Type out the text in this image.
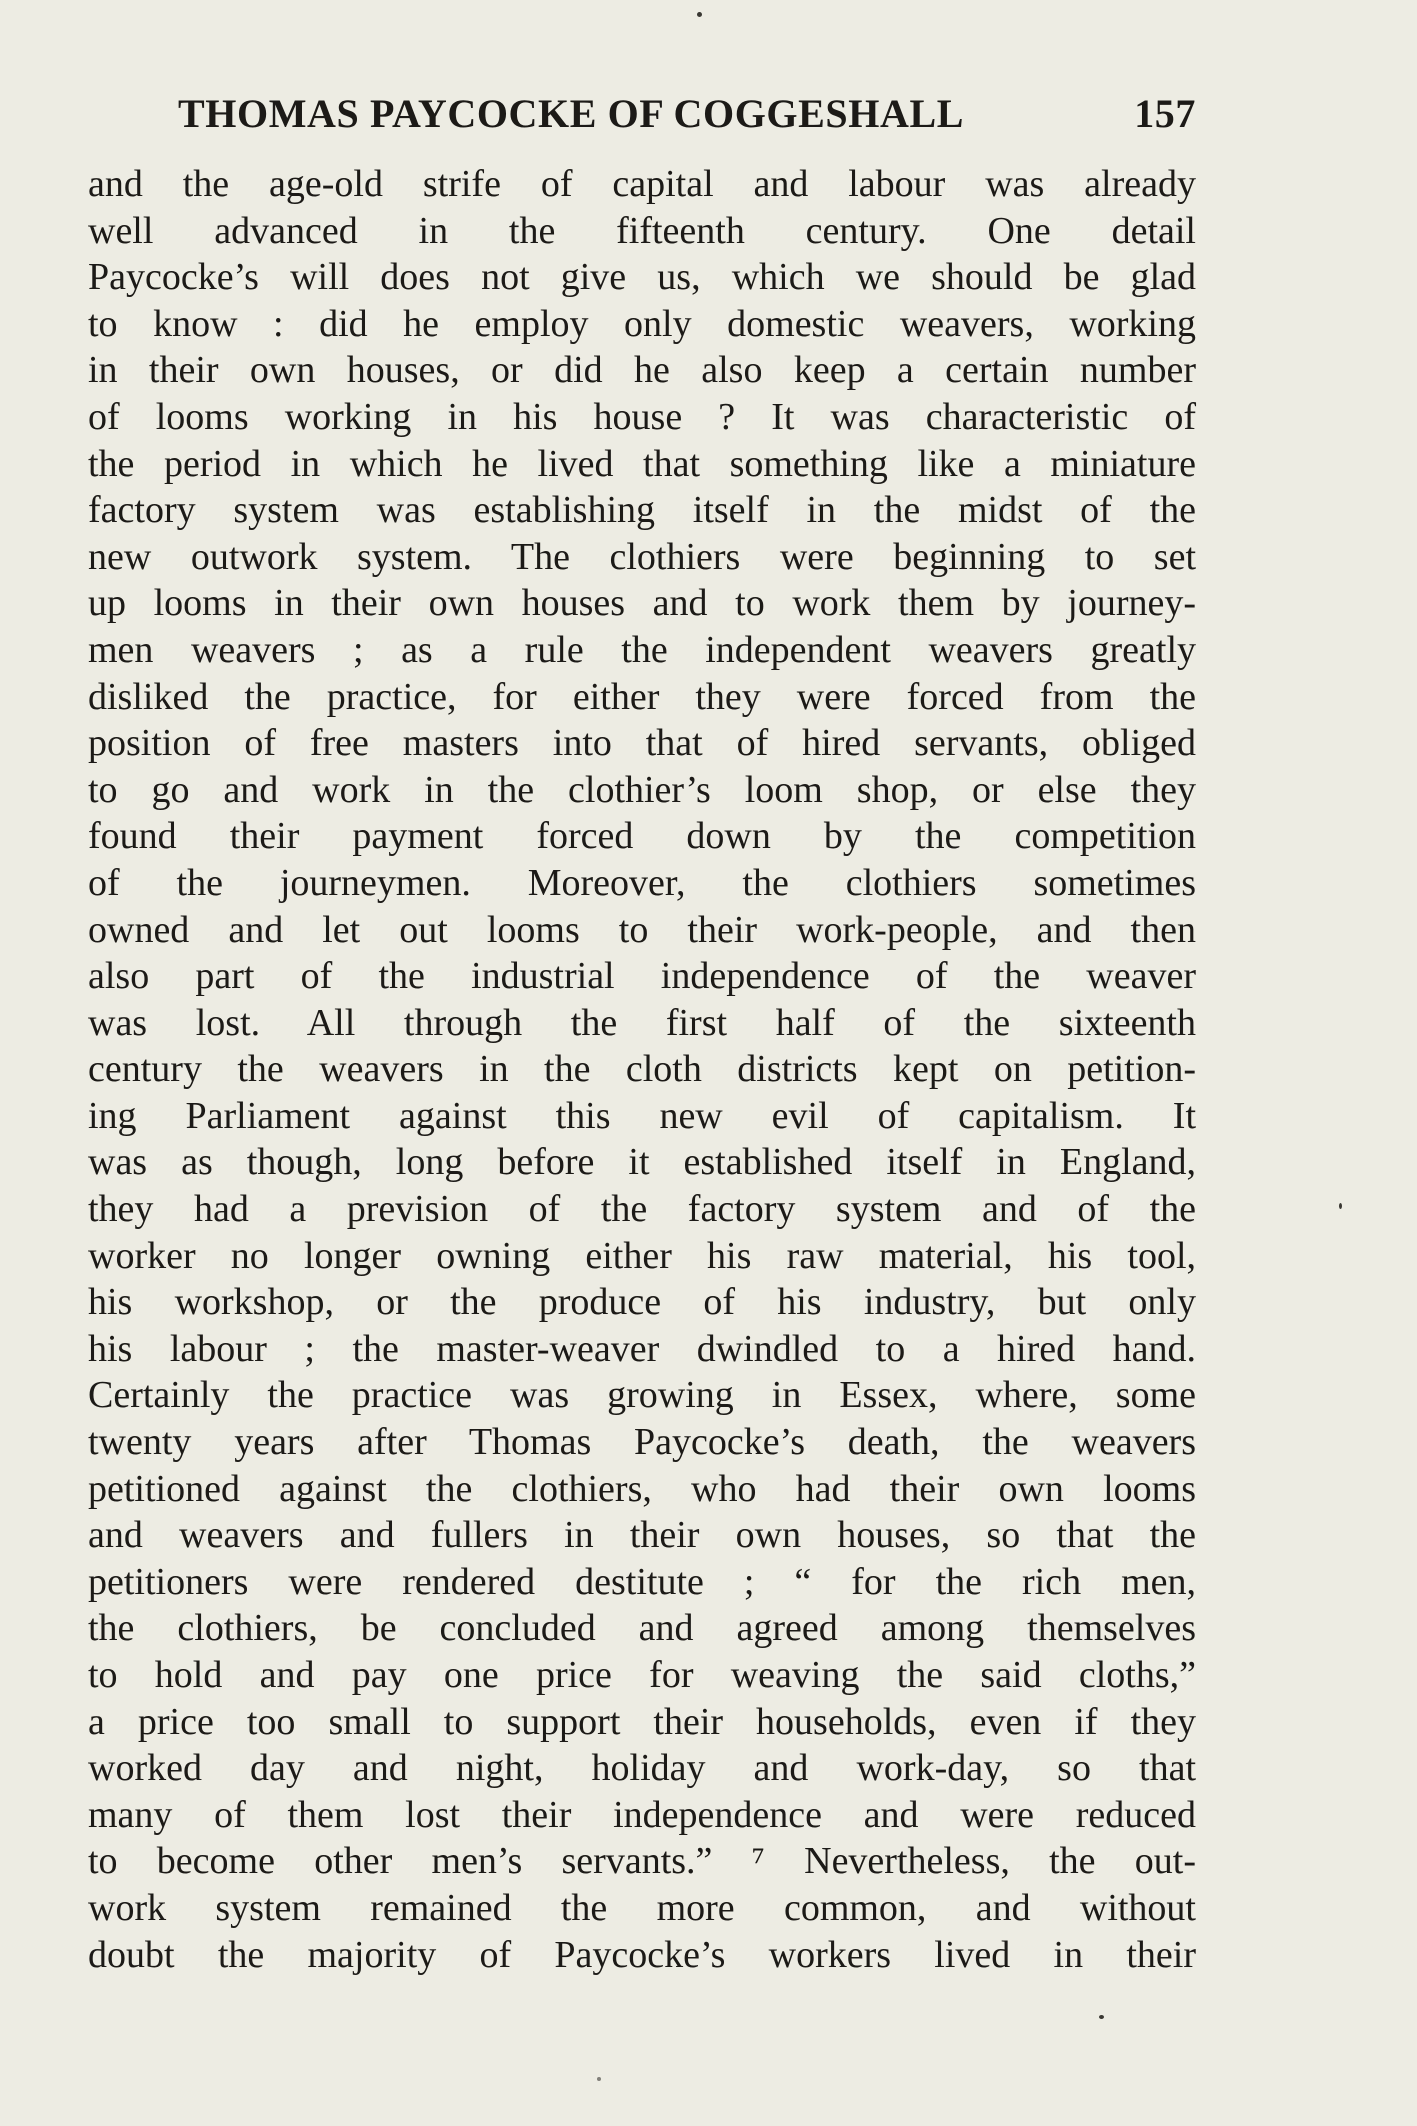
THOMAS PAYCOCKE OF COGGESHALL	157
and the age-old strife of capital and labour was already
well advanced in the fifteenth century. One detail
Paycocke’s will does not give us, which we should be glad
to know : did he employ only domestic weavers, working
in their own houses, or did he also keep a certain number
of looms working in his house ? It was characteristic of
the period in which he lived that something like a miniature
factory system was establishing itself in the midst of the
new outwork system. The clothiers were beginning to set
up looms in their own houses and to work them by journey-
men weavers ; as a rule the independent weavers greatly
disliked the practice, for either they were forced from the
position of free masters into that of hired servants, obliged
to go and work in the clothier’s loom shop, or else they
found their payment forced down by the competition
of the journeymen. Moreover, the clothiers sometimes
owned and let out looms to their work-people, and then
also part of the industrial independence of the weaver
was lost. All through the first half of the sixteenth
century the weavers in the cloth districts kept on petition-
ing Parliament against this new evil of capitalism. It
was as though, long before it established itself in England,
they had a prevision of the factory system and of the
worker no longer owning either his raw material, his tool,
his workshop, or the produce of his industry, but only
his labour ; the master-weaver dwindled to a hired hand.
Certainly the practice was growing in Essex, where, some
twenty years after Thomas Paycocke’s death, the weavers
petitioned against the clothiers, who had their own looms
and weavers and fullers in their own houses, so that the
petitioners were rendered destitute ; “ for the rich men,
the clothiers, be concluded and agreed among themselves
to hold and pay one price for weaving the said cloths,”
a price too small to support their households, even if they
worked day and night, holiday and work-day, so that
many of them lost their independence and were reduced
to become other men’s servants.” ⁷ Nevertheless, the out-
work system remained the more common, and without
doubt the majority of Paycocke’s workers lived in their
